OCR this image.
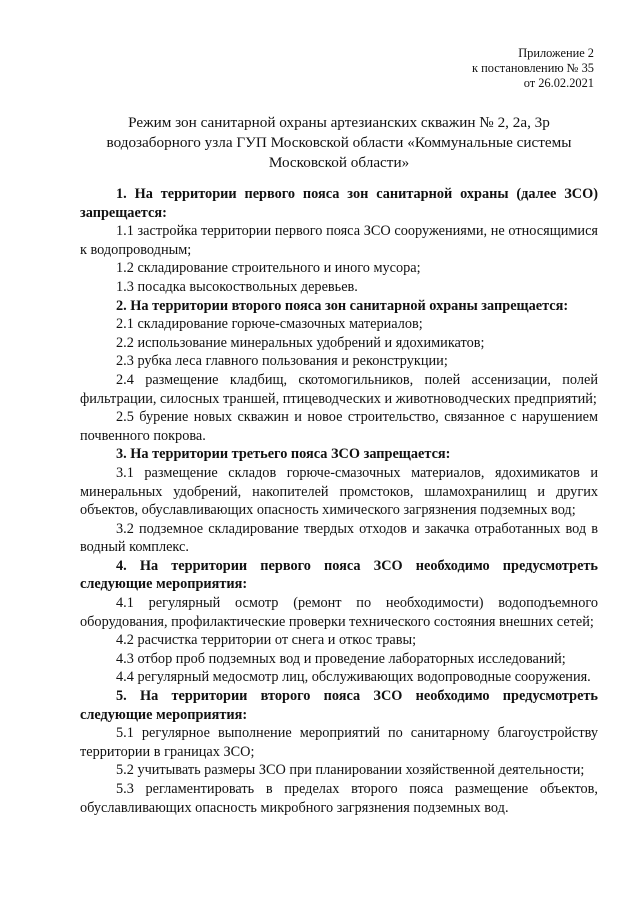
Приложение 2
к постановлению № 35
от 26.02.2021

Режим зон санитарной охраны артезианских скважин № 2, 2а, 3р водозаборного узла ГУП Московской области «Коммунальные системы Московской области»

1. На территории первого пояса зон санитарной охраны (далее ЗСО) запрещается:

1.1 застройка территории первого пояса ЗСО сооружениями, не относящимися к водопроводным;

1.2 складирование строительного и иного мусора;

1.3 посадка высокоствольных деревьев.

2. На территории второго пояса зон санитарной охраны запрещается:

2.1 складирование горюче-смазочных материалов;

2.2 использование минеральных удобрений и ядохимикатов;

2.3 рубка леса главного пользования и реконструкции;

2.4 размещение кладбищ, скотомогильников, полей ассенизации, полей фильтрации, силосных траншей, птицеводческих и животноводческих предприятий;

2.5 бурение новых скважин и новое строительство, связанное с нарушением почвенного покрова.

3. На территории третьего пояса ЗСО запрещается:

3.1 размещение складов горюче-смазочных материалов, ядохимикатов и минеральных удобрений, накопителей промстоков, шламохранилищ и других объектов, обуславливающих опасность химического загрязнения подземных вод;

3.2 подземное складирование твердых отходов и закачка отработанных вод в водный комплекс.

4. На территории первого пояса ЗСО необходимо предусмотреть следующие мероприятия:

4.1 регулярный осмотр (ремонт по необходимости) водоподъемного оборудования, профилактические проверки технического состояния внешних сетей;

4.2 расчистка территории от снега и откос травы;

4.3 отбор проб подземных вод и проведение лабораторных исследований;

4.4 регулярный медосмотр лиц, обслуживающих водопроводные сооружения.

5. На территории второго пояса ЗСО необходимо предусмотреть следующие мероприятия:

5.1 регулярное выполнение мероприятий по санитарному благоустройству территории в границах ЗСО;

5.2 учитывать размеры ЗСО при планировании хозяйственной деятельности;

5.3 регламентировать в пределах второго пояса размещение объектов, обуславливающих опасность микробного загрязнения подземных вод.
